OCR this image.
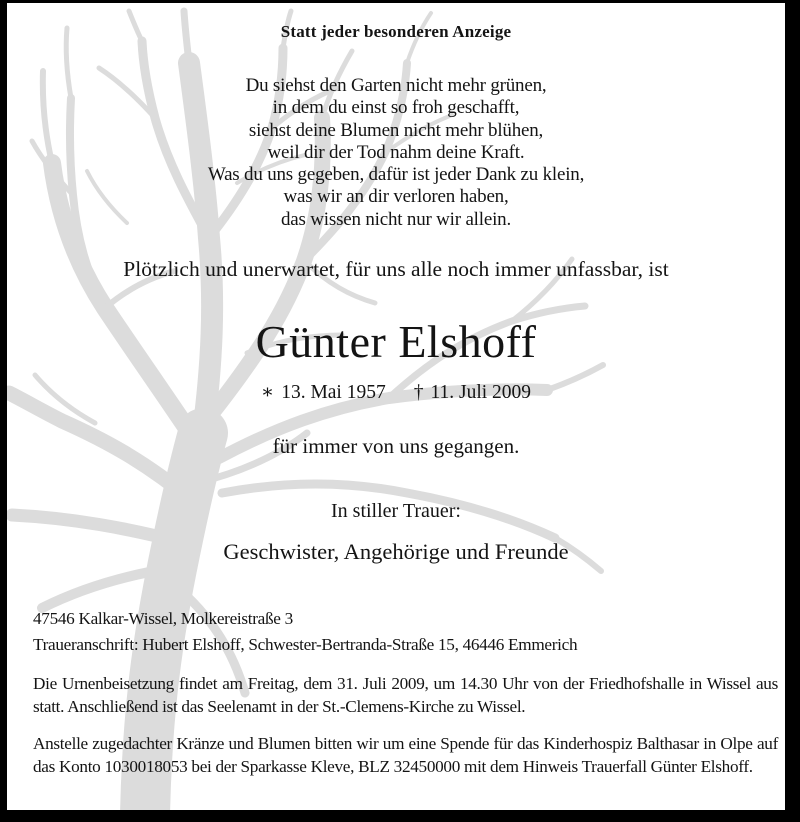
Statt jeder besonderen Anzeige
Du siehst den Garten nicht mehr grünen,
in dem du einst so froh geschafft,
siehst deine Blumen nicht mehr blühen,
weil dir der Tod nahm deine Kraft.
Was du uns gegeben, dafür ist jeder Dank zu klein,
was wir an dir verloren haben,
das wissen nicht nur wir allein.
Plötzlich und unerwartet, für uns alle noch immer unfassbar, ist
Günter Elshoff
∗ 13. Mai 1957 † 11. Juli 2009
für immer von uns gegangen.
In stiller Trauer:
Geschwister, Angehörige und Freunde
47546 Kalkar-Wissel, Molkereistraße 3
Traueranschrift: Hubert Elshoff, Schwester-Bertranda-Straße 15, 46446 Emmerich
Die Urnenbeisetzung findet am Freitag, dem 31. Juli 2009, um 14.30 Uhr von der Friedhofshalle in Wissel aus statt. Anschließend ist das Seelenamt in der St.-Clemens-Kirche zu Wissel.
Anstelle zugedachter Kränze und Blumen bitten wir um eine Spende für das Kinderhospiz Balthasar in Olpe auf das Konto 1030018053 bei der Sparkasse Kleve, BLZ 32450000 mit dem Hinweis Trauerfall Günter Elshoff.
